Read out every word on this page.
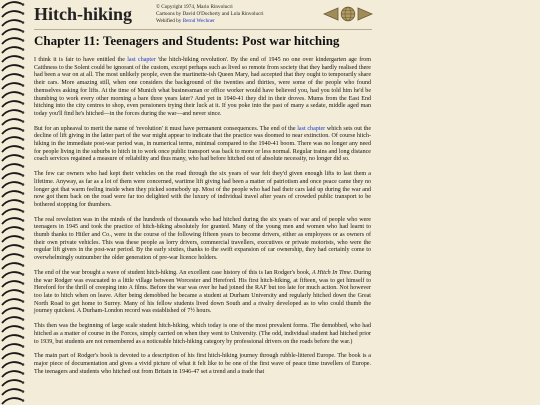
Hitch-hiking	© Copyright 1974, Mario Rinvolucri
Cartoons by David O'Docherty and Lola Rinvolucri
Webified by Bernd Wechner
Chapter 11: Teenagers and Students: Post war hitching

I think it is fair to have entitled the last chapter 'the hitch-hiking revolution'. By the end of 1945 no one over kindergarten age from Caithness to the Solent could be ignorant of the custom, except perhaps such as lived so remote from society that they hardly realised there had been a war on at all. The most unlikely people, even the martinette-ish Queen Mary, had accepted that they ought to temporarily share their cars. More amazing still, when one considers the background of the twenties and thirties, were some of the people who found themselves asking for lifts. At the time of Munich what businessman or office worker would have believed you, had you told him he'd be thumbing to work every other morning a bare three years later? And yet in 1940-41 they did in their droves. Mums from the East End hitching into the city centres to shop, even pensioners trying their luck at it. If you poke into the past of many a sedate, middle aged man today you'll find he's hitched—in the forces during the war—and never since.

But for an upheaval to merit the name of 'revolution' it must have permanent consequences. The end of the last chapter which sets out the decline of lift giving in the latter part of the war might appear to indicate that the practice was doomed to near extinction. Of course hitch-hiking in the immediate post-war period was, in numerical terms, minimal compared to the 1940-41 boom. There was no longer any need for people living in the suburbs to hitch in to work once public transport was back to more or less normal. Regular trains and long distance coach services regained a measure of reliability and thus many, who had before hitched out of absolute necessity, no longer did so.

The few car owners who had kept their vehicles on the road through the six years of war felt they'd given enough lifts to last them a lifetime. Anyway, as far as a lot of them were concerned, wartime lift giving had been a matter of patriotism and once peace came they no longer got that warm feeling inside when they picked somebody up. Most of the people who had had their cars laid up during the war and now got them back on the road were far too delighted with the luxury of individual travel after years of crowded public transport to be bothered stopping for thumbers.

The real revolution was in the minds of the hundreds of thousands who had hitched during the six years of war and of people who were teenagers in 1945 and took the practice of hitch-hiking absolutely for granted. Many of the young men and women who had learnt to thumb thanks to Hitler and Co., were in the course of the following fifteen years to become drivers, either as employees or as owners of their own private vehicles. This was these people as lorry drivers, commercial travellers, executives or private motorists, who were the regular lift givers in the post-war period. By the early sixties, thanks to the swift expansion of car ownership, they had certainly come to overwhelmingly outnumber the older generation of pre-war licence holders.

The end of the war brought a wave of student hitch-hiking. An excellent case history of this is Ian Rodger's book, A Hitch In Time. During the war Rodger was evacuated to a little village between Worcester and Hereford. His first hitch-hiking, at fifteen, was to get himself to Hereford for the thrill of creeping into A films. Before the war was over he had joined the RAF but too late for much action. Not however too late to hitch when on leave. After being demobbed he became a student at Durham University and regularly hitched down the Great North Road to get home to Surrey. Many of his fellow students lived down South and a rivalry developed as to who could thumb the journey quickest. A Durham-London record was established of 7½ hours.

This then was the beginning of large scale student hitch-hiking, which today is one of the most prevalent forms. The demobbed, who had hitched as a matter of course in the Forces, simply carried on when they went to University. (The odd, individual student had hitched prior to 1939, but students are not remembered as a noticeable hitch-hiking category by professional drivers on the roads before the war.)

The main part of Rodger's book is devoted to a description of his first hitch-hiking journey through rubble-littered Europe. The book is a major piece of documentation and gives a vivid picture of what it felt like to be one of the first wave of peace time travellers of Europe. The teenagers and students who hitched out from Britain in 1946-47 set a trend and a trade that
